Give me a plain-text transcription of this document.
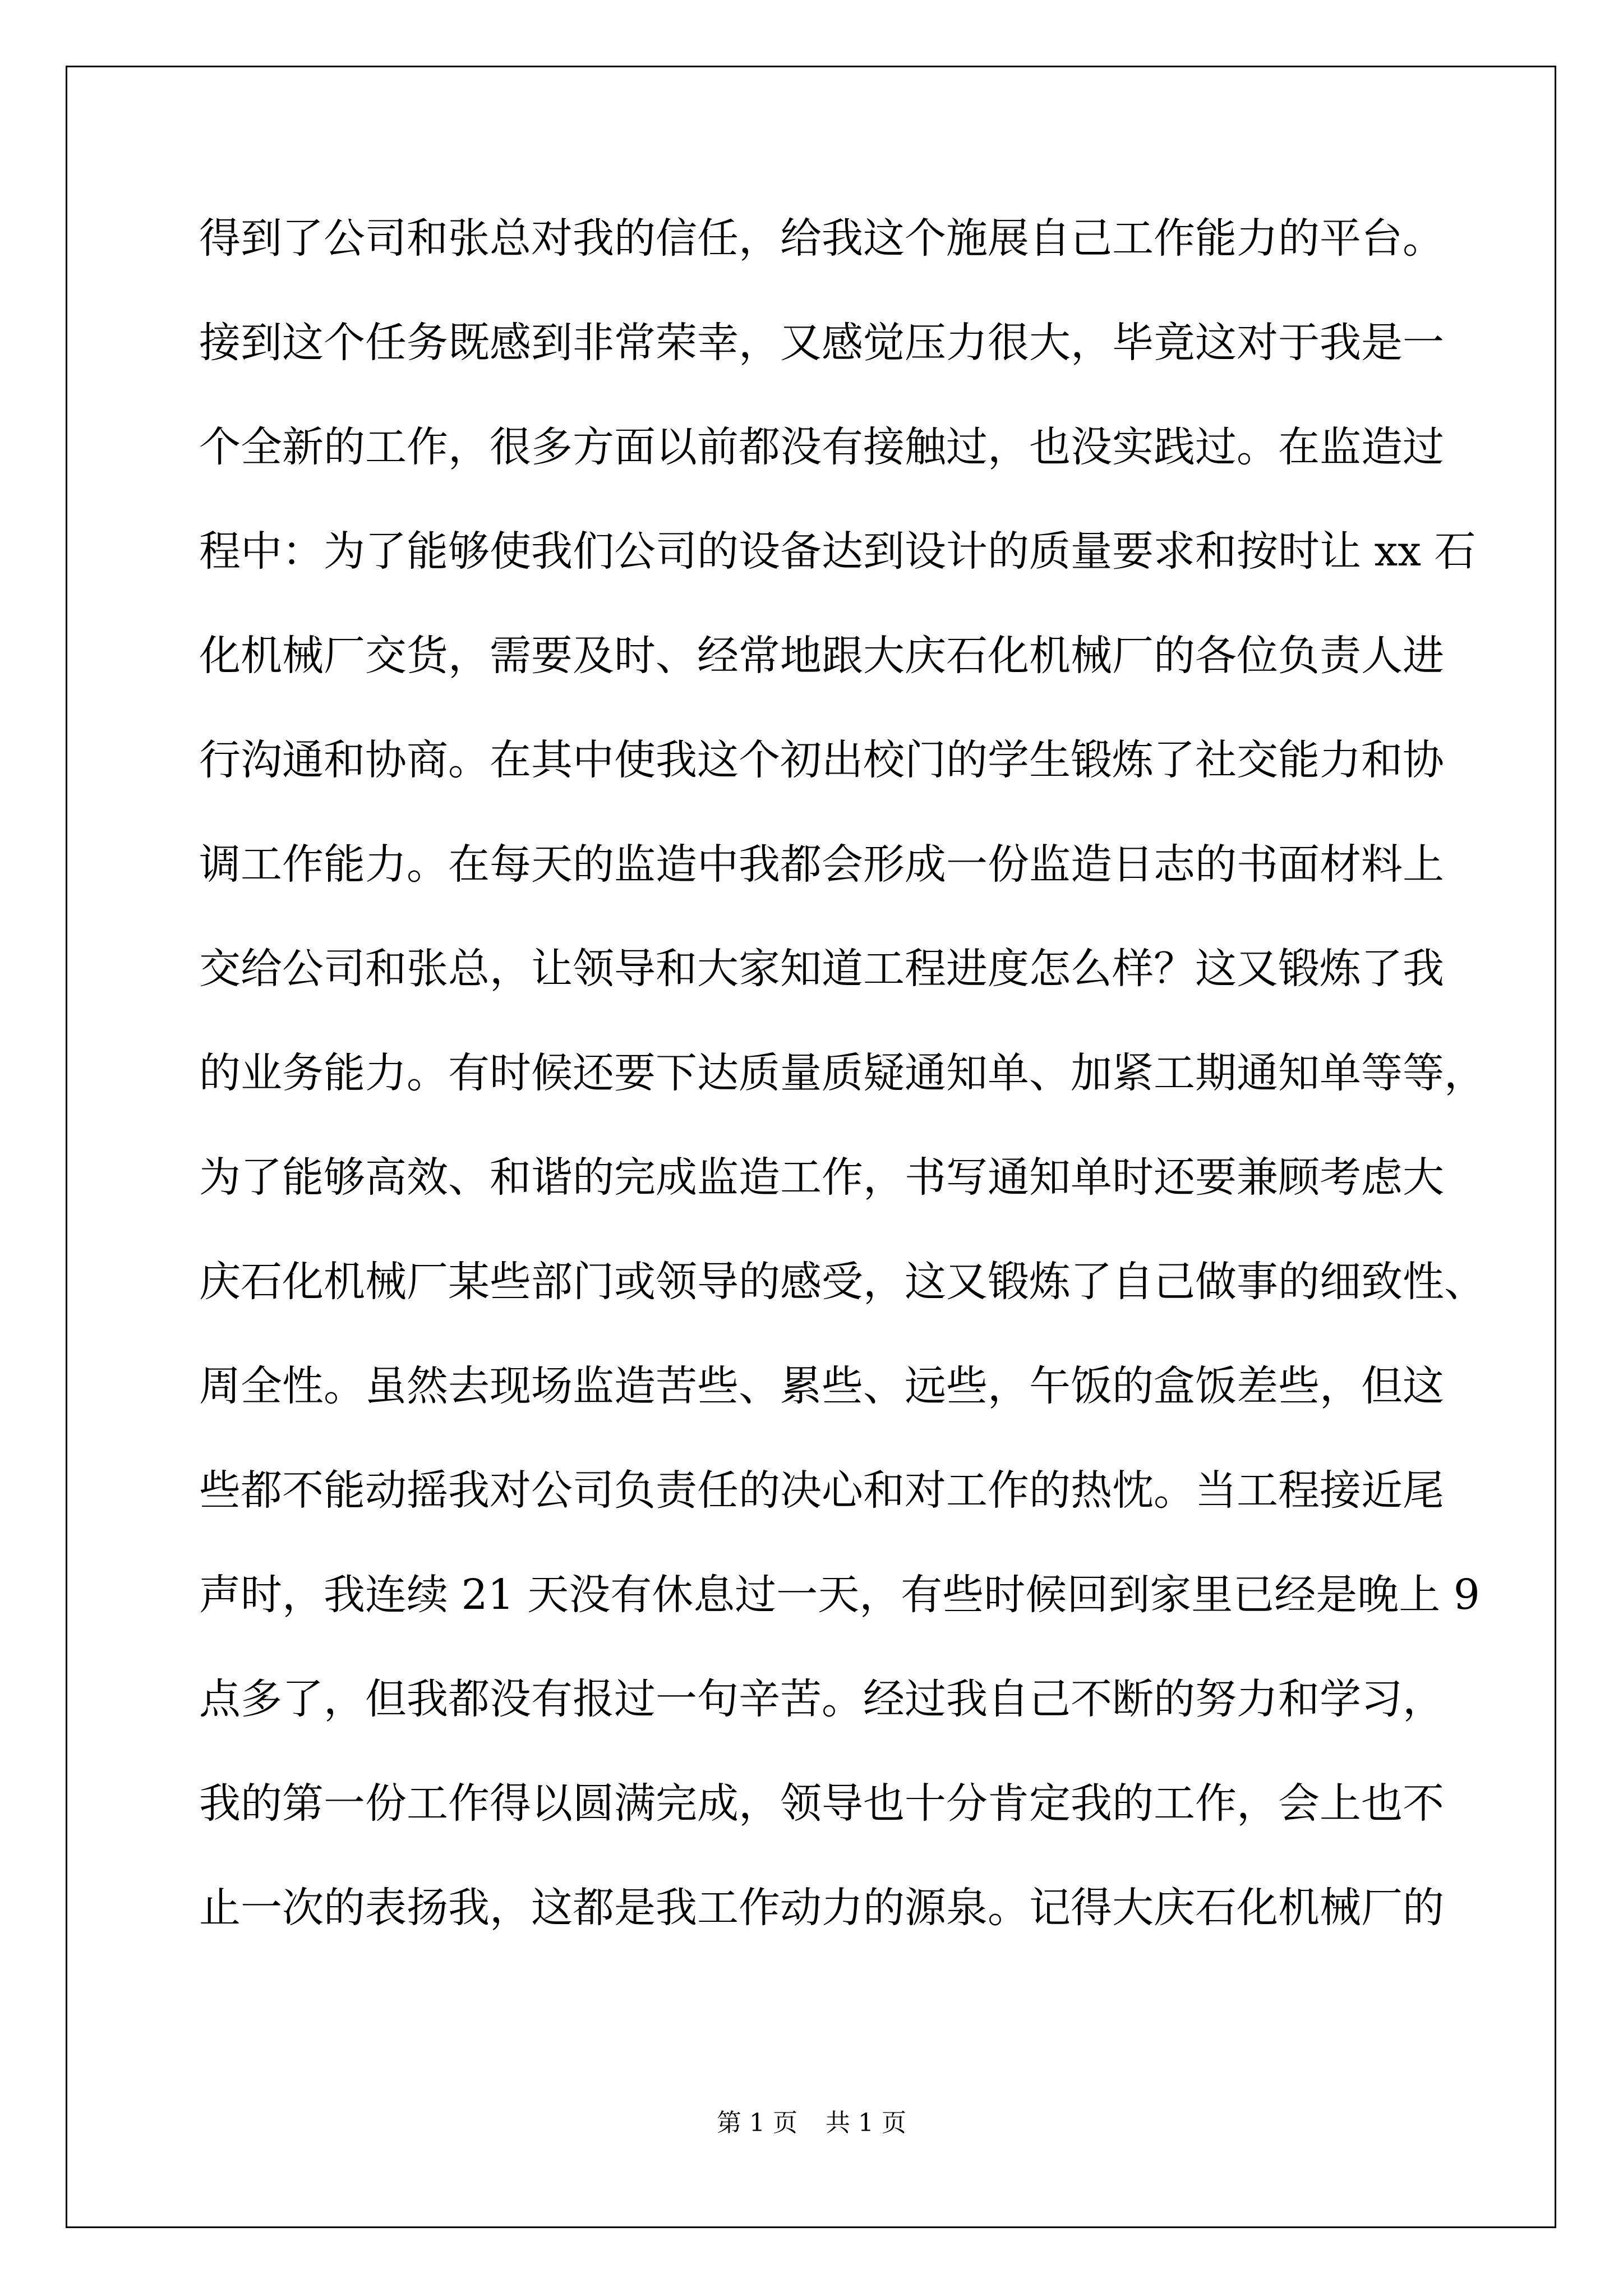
得到了公司和张总对我的信任，给我这个施展自己工作能力的平台。
接到这个任务既感到非常荣幸，又感觉压力很大，毕竟这对于我是一
个全新的工作，很多方面以前都没有接触过，也没实践过。在监造过
程中：为了能够使我们公司的设备达到设计的质量要求和按时让 xx 石
化机械厂交货，需要及时、经常地跟大庆石化机械厂的各位负责人进
行沟通和协商。在其中使我这个初出校门的学生锻炼了社交能力和协
调工作能力。在每天的监造中我都会形成一份监造日志的书面材料上
交给公司和张总，让领导和大家知道工程进度怎么样？这又锻炼了我
的业务能力。有时候还要下达质量质疑通知单、加紧工期通知单等等，
为了能够高效、和谐的完成监造工作，书写通知单时还要兼顾考虑大
庆石化机械厂某些部门或领导的感受，这又锻炼了自己做事的细致性、
周全性。虽然去现场监造苦些、累些、远些，午饭的盒饭差些，但这
些都不能动摇我对公司负责任的决心和对工作的热忱。当工程接近尾
声时，我连续 21 天没有休息过一天，有些时候回到家里已经是晚上 9
点多了，但我都没有报过一句辛苦。经过我自己不断的努力和学习，
我的第一份工作得以圆满完成，领导也十分肯定我的工作，会上也不
止一次的表扬我，这都是我工作动力的源泉。记得大庆石化机械厂的
第 1 页 共 1 页
